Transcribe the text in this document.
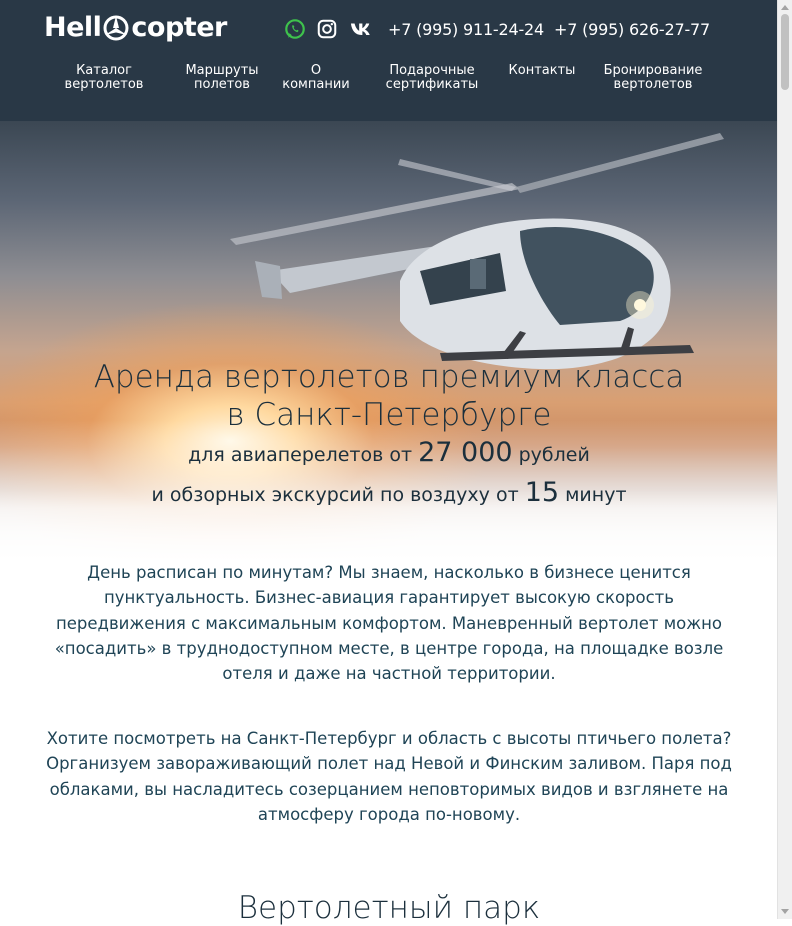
Hell copter	+7 (995) 911-24-24 +7 (995) 626-27-77
Каталог
вертолетов
Маршруты
полетов
О
компании
Подарочные
сертификаты
Контакты	Бронирование
вертолетов
Аренда вертолетов премиум класса
в Санкт-Петербурге
для авиаперелетов от 27 000 рублей
и обзорных экскурсий по воздуху от 15 минут
День расписан по минутам? Мы знаем, насколько в бизнесе ценится пунктуальность. Бизнес-авиация гарантирует высокую скорость передвижения с максимальным комфортом. Маневренный вертолет можно «посадить» в труднодоступном месте, в центре города, на площадке возле отеля и даже на частной территории.
Хотите посмотреть на Санкт-Петербург и область с высоты птичьего полета? Организуем завораживающий полет над Невой и Финским заливом. Паря под облаками, вы насладитесь созерцанием неповторимых видов и взглянете на атмосферу города по-новому.
Вертолетный парк
